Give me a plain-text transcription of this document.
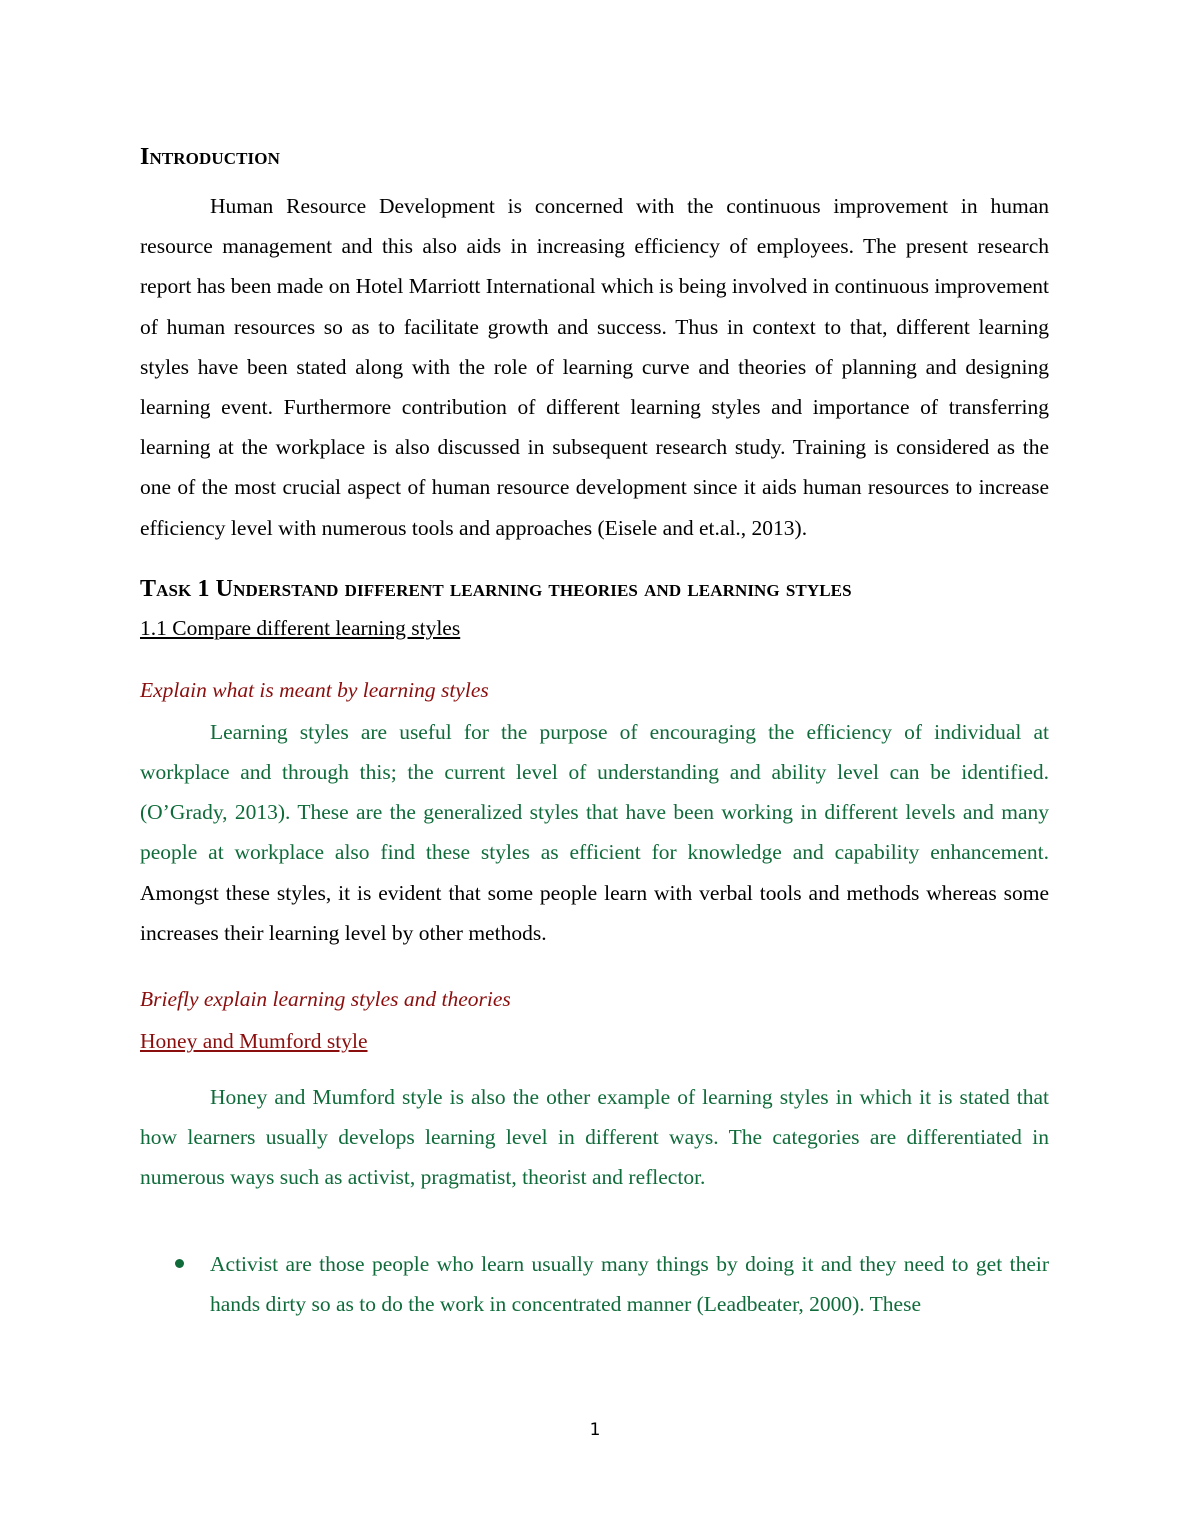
Introduction

Human Resource Development is concerned with the continuous improvement in human resource management and this also aids in increasing efficiency of employees. The present research report has been made on Hotel Marriott International which is being involved in continuous improvement of human resources so as to facilitate growth and success. Thus in context to that, different learning styles have been stated along with the role of learning curve and theories of planning and designing learning event. Furthermore contribution of different learning styles and importance of transferring learning at the workplace is also discussed in subsequent research study. Training is considered as the one of the most crucial aspect of human resource development since it aids human resources to increase efficiency level with numerous tools and approaches (Eisele and et.al., 2013).

Task 1 Understand different learning theories and learning styles

1.1 Compare different learning styles

Explain what is meant by learning styles

Learning styles are useful for the purpose of encouraging the efficiency of individual at workplace and through this; the current level of understanding and ability level can be identified. (O’Grady, 2013). These are the generalized styles that have been working in different levels and many people at workplace also find these styles as efficient for knowledge and capability enhancement. Amongst these styles, it is evident that some people learn with verbal tools and methods whereas some increases their learning level by other methods.

Briefly explain learning styles and theories

Honey and Mumford style

Honey and Mumford style is also the other example of learning styles in which it is stated that how learners usually develops learning level in different ways. The categories are differentiated in numerous ways such as activist, pragmatist, theorist and reflector.

Activist are those people who learn usually many things by doing it and they need to get their hands dirty so as to do the work in concentrated manner (Leadbeater, 2000). These
1
